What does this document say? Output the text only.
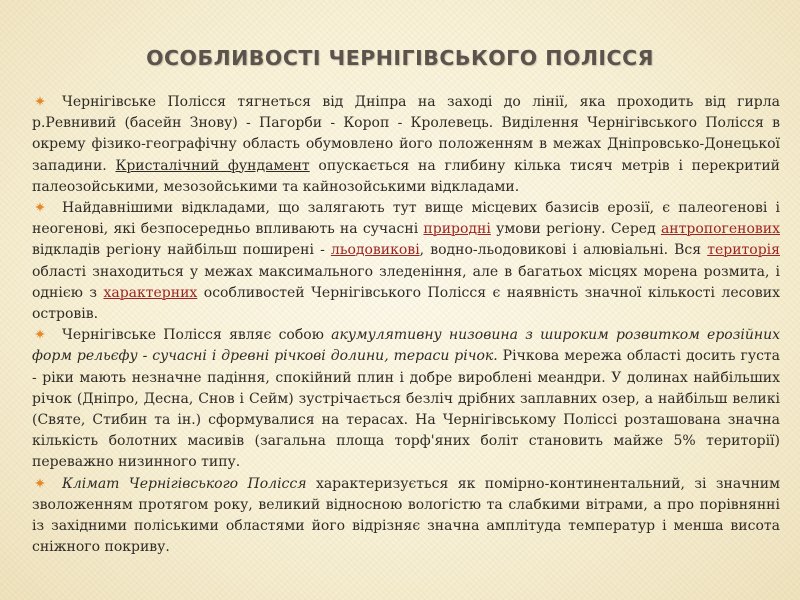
ОСОБЛИВОСТІ ЧЕРНІГІВСЬКОГО ПОЛІССЯ

Чернігівське Полісся тягнеться від Дніпра на заході до лінії, яка проходить від гирла р.Ревнивий (басейн Знову) - Пагорби - Короп - Кролевець. Виділення Чернігівського Полісся в окрему фізико-географічну область обумовлено його положенням в межах Дніпровсько-Донецької западини. Кристалічний фундамент опускається на глибину кілька тисяч метрів і перекритий палеозойськими, мезозойськими та кайнозойськими відкладами.

Найдавнішими відкладами, що залягають тут вище місцевих базисів ерозії, є палеогенові і неогенові, які безпосередньо впливають на сучасні природні умови регіону. Серед антропогенових відкладів регіону найбільш поширені - льодовикові, водно-льодовикові і алювіальні. Вся територія області знаходиться у межах максимального зледеніння, але в багатьох місцях морена розмита, і однією з характерних особливостей Чернігівського Полісся є наявність значної кількості лесових островів.

Чернігівське Полісся являє собою акумулятивну низовина з широким розвитком ерозійних форм рельєфу - сучасні і древні річкові долини, тераси річок. Річкова мережа області досить густа - ріки мають незначне падіння, спокійний плин і добре вироблені меандри. У долинах найбільших річок (Дніпро, Десна, Снов і Сейм) зустрічається безліч дрібних заплавних озер, а найбільш великі (Святе, Стибин та ін.) сформувалися на терасах. На Чернігівському Поліссі розташована значна кількість болотних масивів (загальна площа торф'яних боліт становить майже 5% території) переважно низинного типу.

Клімат Чернігівського Полісся характеризується як помірно-континентальний, зі значним зволоженням протягом року, великий відносною вологістю та слабкими вітрами, а про порівнянні із західними поліськими областями його відрізняє значна амплітуда температур і менша висота сніжного покриву.
